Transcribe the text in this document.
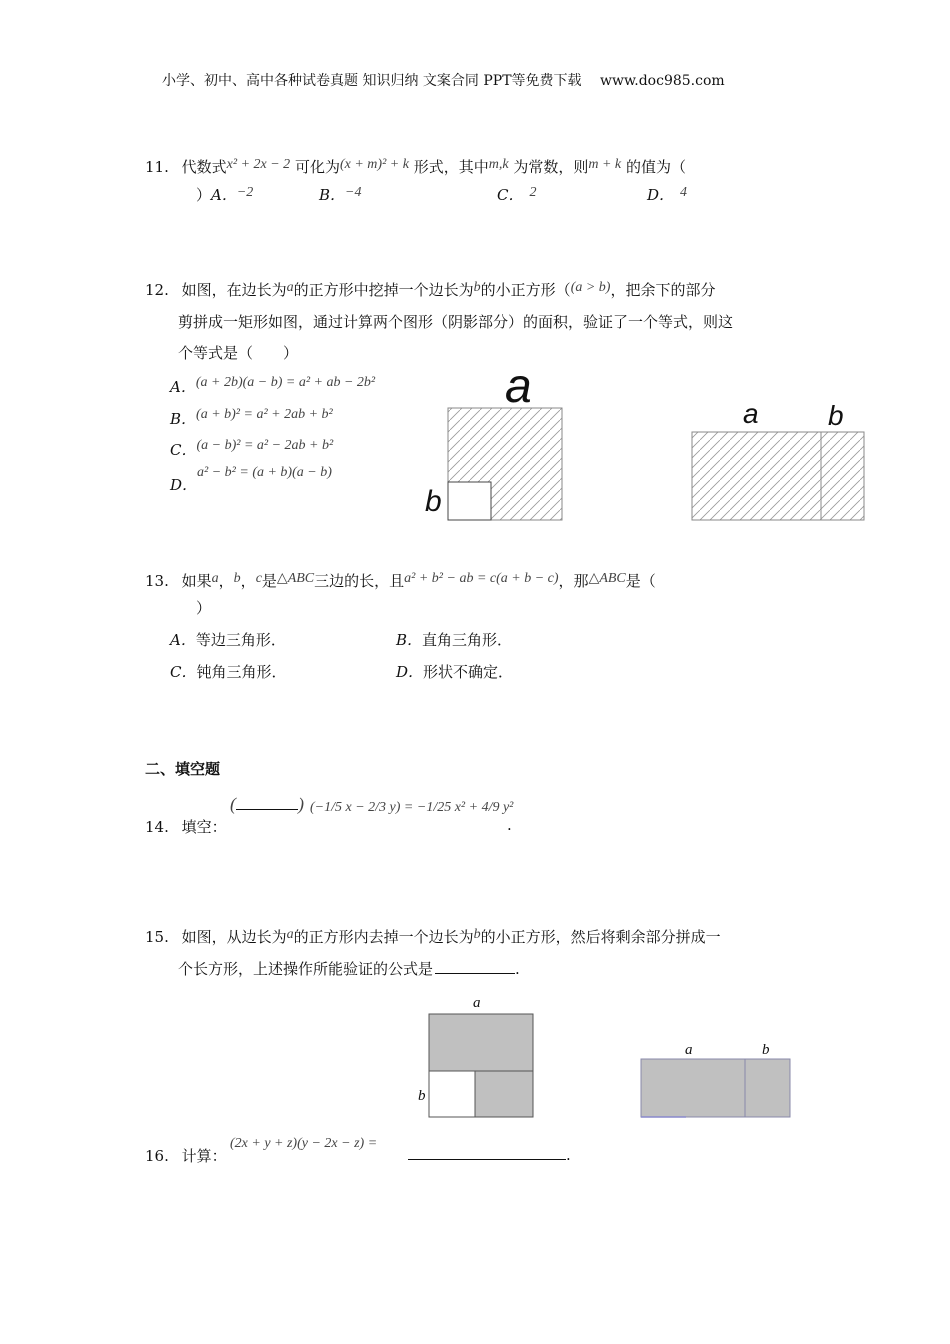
小学、初中、高中各种试卷真题 知识归纳 文案合同 PPT等免费下载 www.doc985.com
11. 代数式x² + 2x − 2 可化为(x + m)² + k 形式，其中m,k 为常数，则m + k 的值为（
） A．−2	B．−4	C． 2	D． 4
12. 如图，在边长为a的正方形中挖掉一个边长为b的小正方形（(a > b)，把余下的部分
剪拼成一矩形如图，通过计算两个图形（阴影部分）的面积，验证了一个等式，则这
个等式是（　　）
A．(a + 2b)(a − b) = a² + ab − 2b²
B．(a + b)² = a² + 2ab + b²
C．(a − b)² = a² − 2ab + b²
D．a² − b² = (a + b)(a − b)
a
b
a b
13. 如果a，b，c是△ABC三边的长，且a² + b² − ab = c(a + b − c)，那△ABC是（
）
A．等边三角形．	B．直角三角形．
C．钝角三角形．	D．形状不确定．
二、填空题
14. 填空：
(	) (−1/5 x − 2/3 y) = −1/25 x² + 4/9 y²
.
15. 如图，从边长为a的正方形内去掉一个边长为b的小正方形，然后将剩余部分拼成一
个长方形，上述操作所能验证的公式是	.
a
b
a	b
16. 计算：
(2x + y + z)(y − 2x − z) =
.
